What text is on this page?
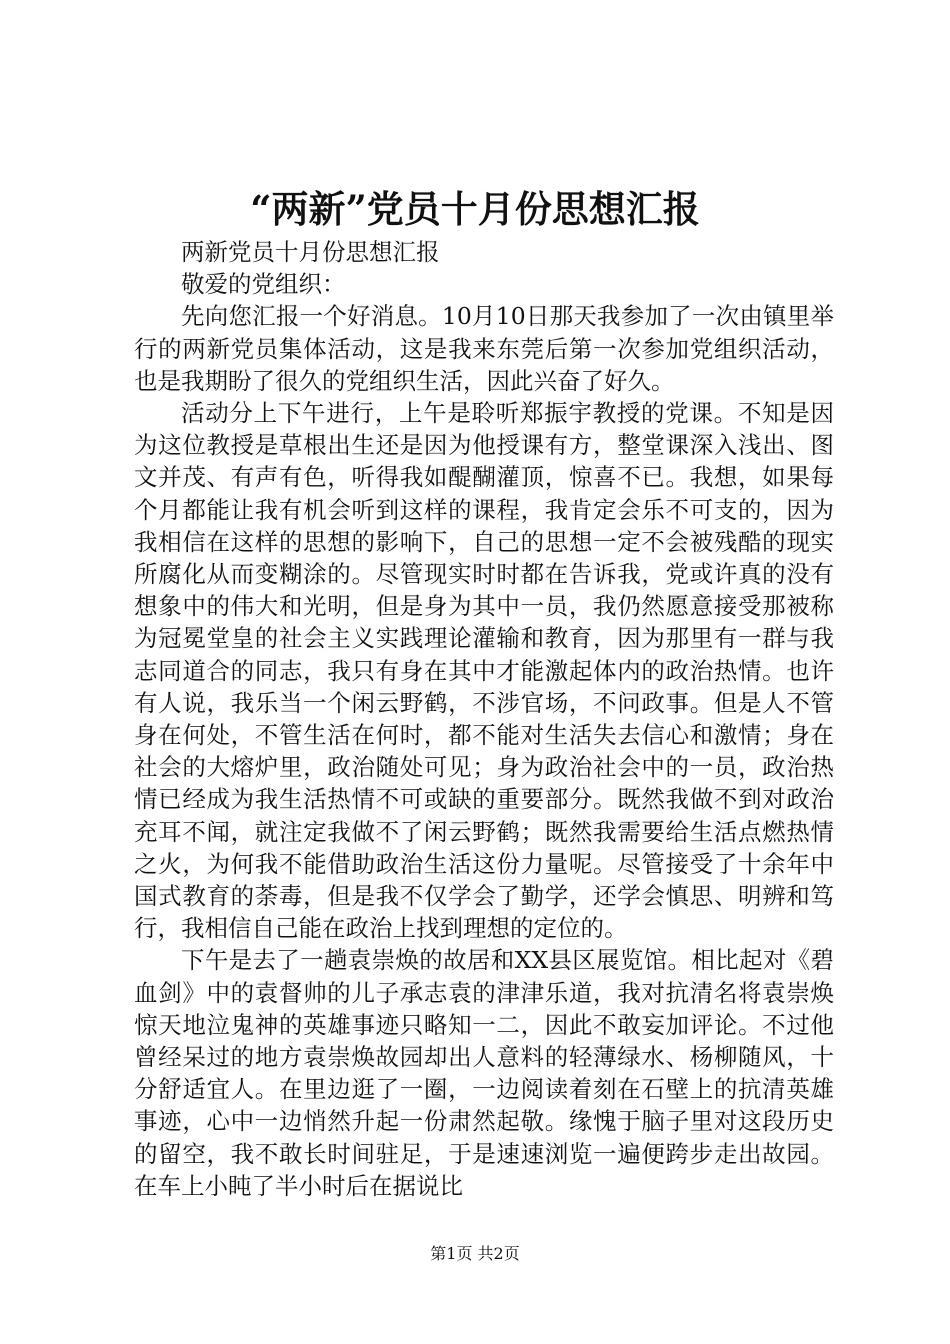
“两新”党员十月份思想汇报

两新党员十月份思想汇报

敬爱的党组织：

先向您汇报一个好消息。10月10日那天我参加了一次由镇里举行的两新党员集体活动，这是我来东莞后第一次参加党组织活动，也是我期盼了很久的党组织生活，因此兴奋了好久。

活动分上下午进行，上午是聆听郑振宇教授的党课。不知是因为这位教授是草根出生还是因为他授课有方，整堂课深入浅出、图文并茂、有声有色，听得我如醍醐灌顶，惊喜不已。我想，如果每个月都能让我有机会听到这样的课程，我肯定会乐不可支的，因为我相信在这样的思想的影响下，自己的思想一定不会被残酷的现实所腐化从而变糊涂的。尽管现实时时都在告诉我，党或许真的没有想象中的伟大和光明，但是身为其中一员，我仍然愿意接受那被称为冠冕堂皇的社会主义实践理论灌输和教育，因为那里有一群与我志同道合的同志，我只有身在其中才能激起体内的政治热情。也许有人说，我乐当一个闲云野鹤，不涉官场，不问政事。但是人不管身在何处，不管生活在何时，都不能对生活失去信心和激情；身在社会的大熔炉里，政治随处可见；身为政治社会中的一员，政治热情已经成为我生活热情不可或缺的重要部分。既然我做不到对政治充耳不闻，就注定我做不了闲云野鹤；既然我需要给生活点燃热情之火，为何我不能借助政治生活这份力量呢。尽管接受了十余年中国式教育的荼毒，但是我不仅学会了勤学，还学会慎思、明辨和笃行，我相信自己能在政治上找到理想的定位的。

下午是去了一趟袁崇焕的故居和XX县区展览馆。相比起对《碧血剑》中的袁督帅的儿子承志袁的津津乐道，我对抗清名将袁崇焕惊天地泣鬼神的英雄事迹只略知一二，因此不敢妄加评论。不过他曾经呆过的地方袁崇焕故园却出人意料的轻薄绿水、杨柳随风，十分舒适宜人。在里边逛了一圈，一边阅读着刻在石壁上的抗清英雄事迹，心中一边悄然升起一份肃然起敬。缘愧于脑子里对这段历史的留空，我不敢长时间驻足，于是速速浏览一遍便跨步走出故园。在车上小盹了半小时后在据说比

第1页 共2页
